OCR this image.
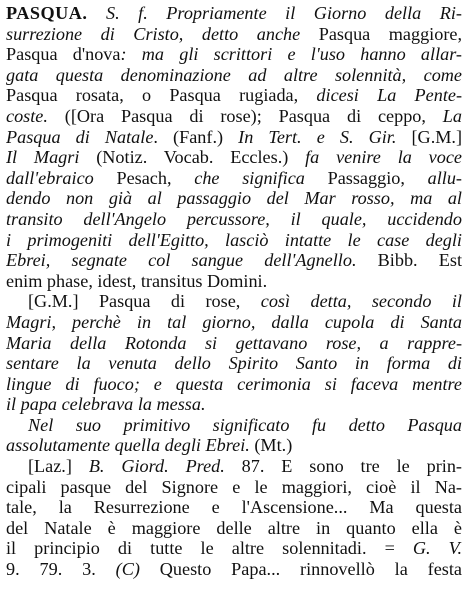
PASQUA. S. f. Propriamente il Giorno della Ri-
surrezione di Cristo, detto anche Pasqua maggiore,
Pasqua d'nova: ma gli scrittori e l'uso hanno allar-
gata questa denominazione ad altre solennità, come
Pasqua rosata, o Pasqua rugiada, dicesi La Pente-
coste. ([Ora Pasqua di rose); Pasqua di ceppo, La
Pasqua di Natale. (Fanf.) In Tert. e S. Gir. [G.M.]
Il Magri (Notiz. Vocab. Eccles.) fa venire la voce
dall'ebraico Pesach, che significa Passaggio, allu-
dendo non già al passaggio del Mar rosso, ma al
transito dell'Angelo percussore, il quale, uccidendo
i primogeniti dell'Egitto, lasciò intatte le case degli
Ebrei, segnate col sangue dell'Agnello. Bibb. Est
enim phase, idest, transitus Domini.
[G.M.] Pasqua di rose, così detta, secondo il
Magri, perchè in tal giorno, dalla cupola di Santa
Maria della Rotonda si gettavano rose, a rappre-
sentare la venuta dello Spirito Santo in forma di
lingue di fuoco; e questa cerimonia si faceva mentre
il papa celebrava la messa.
Nel suo primitivo significato fu detto Pasqua
assolutamente quella degli Ebrei. (Mt.)
[Laz.] B. Giord. Pred. 87. E sono tre le prin-
cipali pasque del Signore e le maggiori, cioè il Na-
tale, la Resurrezione e l'Ascensione... Ma questa
del Natale è maggiore delle altre in quanto ella è
il principio di tutte le altre solennitadi. = G. V.
9. 79. 3. (C) Questo Papa... rinnovellò la festa
